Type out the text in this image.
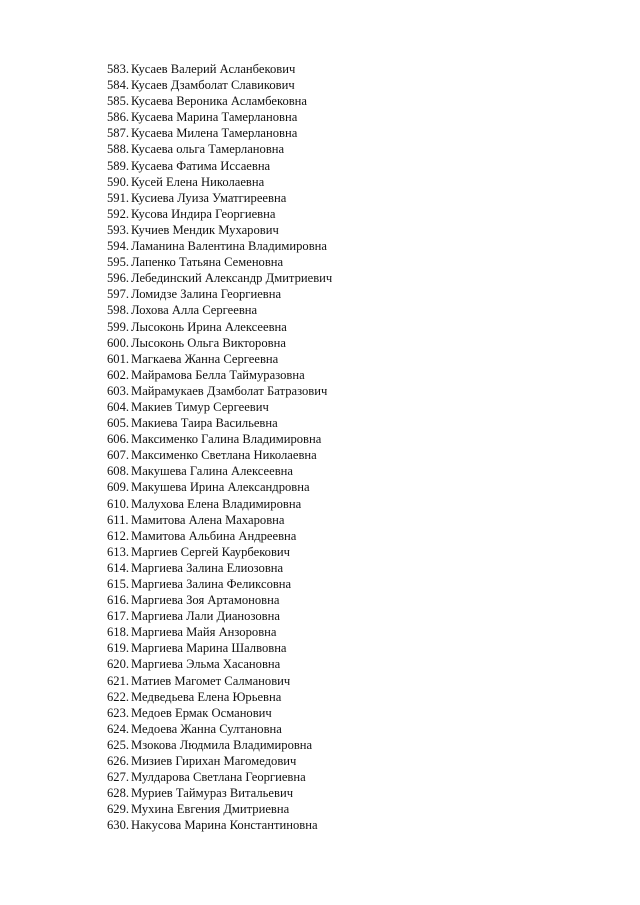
583. Кусаев Валерий Асланбекович
584. Кусаев Дзамболат Славикович
585. Кусаева Вероника Асламбековна
586. Кусаева Марина Тамерлановна
587. Кусаева Милена Тамерлановна
588. Кусаева ольга Тамерлановна
589. Кусаева Фатима Иссаевна
590. Кусей Елена Николаевна
591. Кусиева Луиза Уматгиреевна
592. Кусова Индира Георгиевна
593. Кучиев Мендик Мухарович
594. Ламанина Валентина Владимировна
595. Лапенко Татьяна Семеновна
596. Лебединский Александр Дмитриевич
597. Ломидзе Залина Георгиевна
598. Лохова Алла Сергеевна
599. Лысоконь Ирина Алексеевна
600. Лысоконь Ольга Викторовна
601. Магкаева Жанна Сергеевна
602. Майрамова Белла Таймуразовна
603. Майрамукаев Дзамболат Батразович
604. Макиев Тимур Сергеевич
605. Макиева Таира Васильевна
606. Максименко Галина Владимировна
607. Максименко Светлана Николаевна
608. Макушева Галина Алексеевна
609. Макушева Ирина Александровна
610. Малухова Елена Владимировна
611. Мамитова Алена Махаровна
612. Мамитова Альбина Андреевна
613. Маргиев Сергей Каурбекович
614. Маргиева Залина Елиозовна
615. Маргиева Залина Феликсовна
616. Маргиева Зоя Артамоновна
617. Маргиева Лали Дианозовна
618. Маргиева Майя Анзоровна
619. Маргиева Марина Шалвовна
620. Маргиева Эльма Хасановна
621. Матиев Магомет Салманович
622. Медведьева Елена Юрьевна
623. Медоев Ермак Османович
624. Медоева Жанна Султановна
625. Мзокова Людмила Владимировна
626. Мизиев Гирихан Магомедович
627. Мулдарова Светлана Георгиевна
628. Муриев Таймураз Витальевич
629. Мухина Евгения Дмитриевна
630. Накусова Марина Константиновна
